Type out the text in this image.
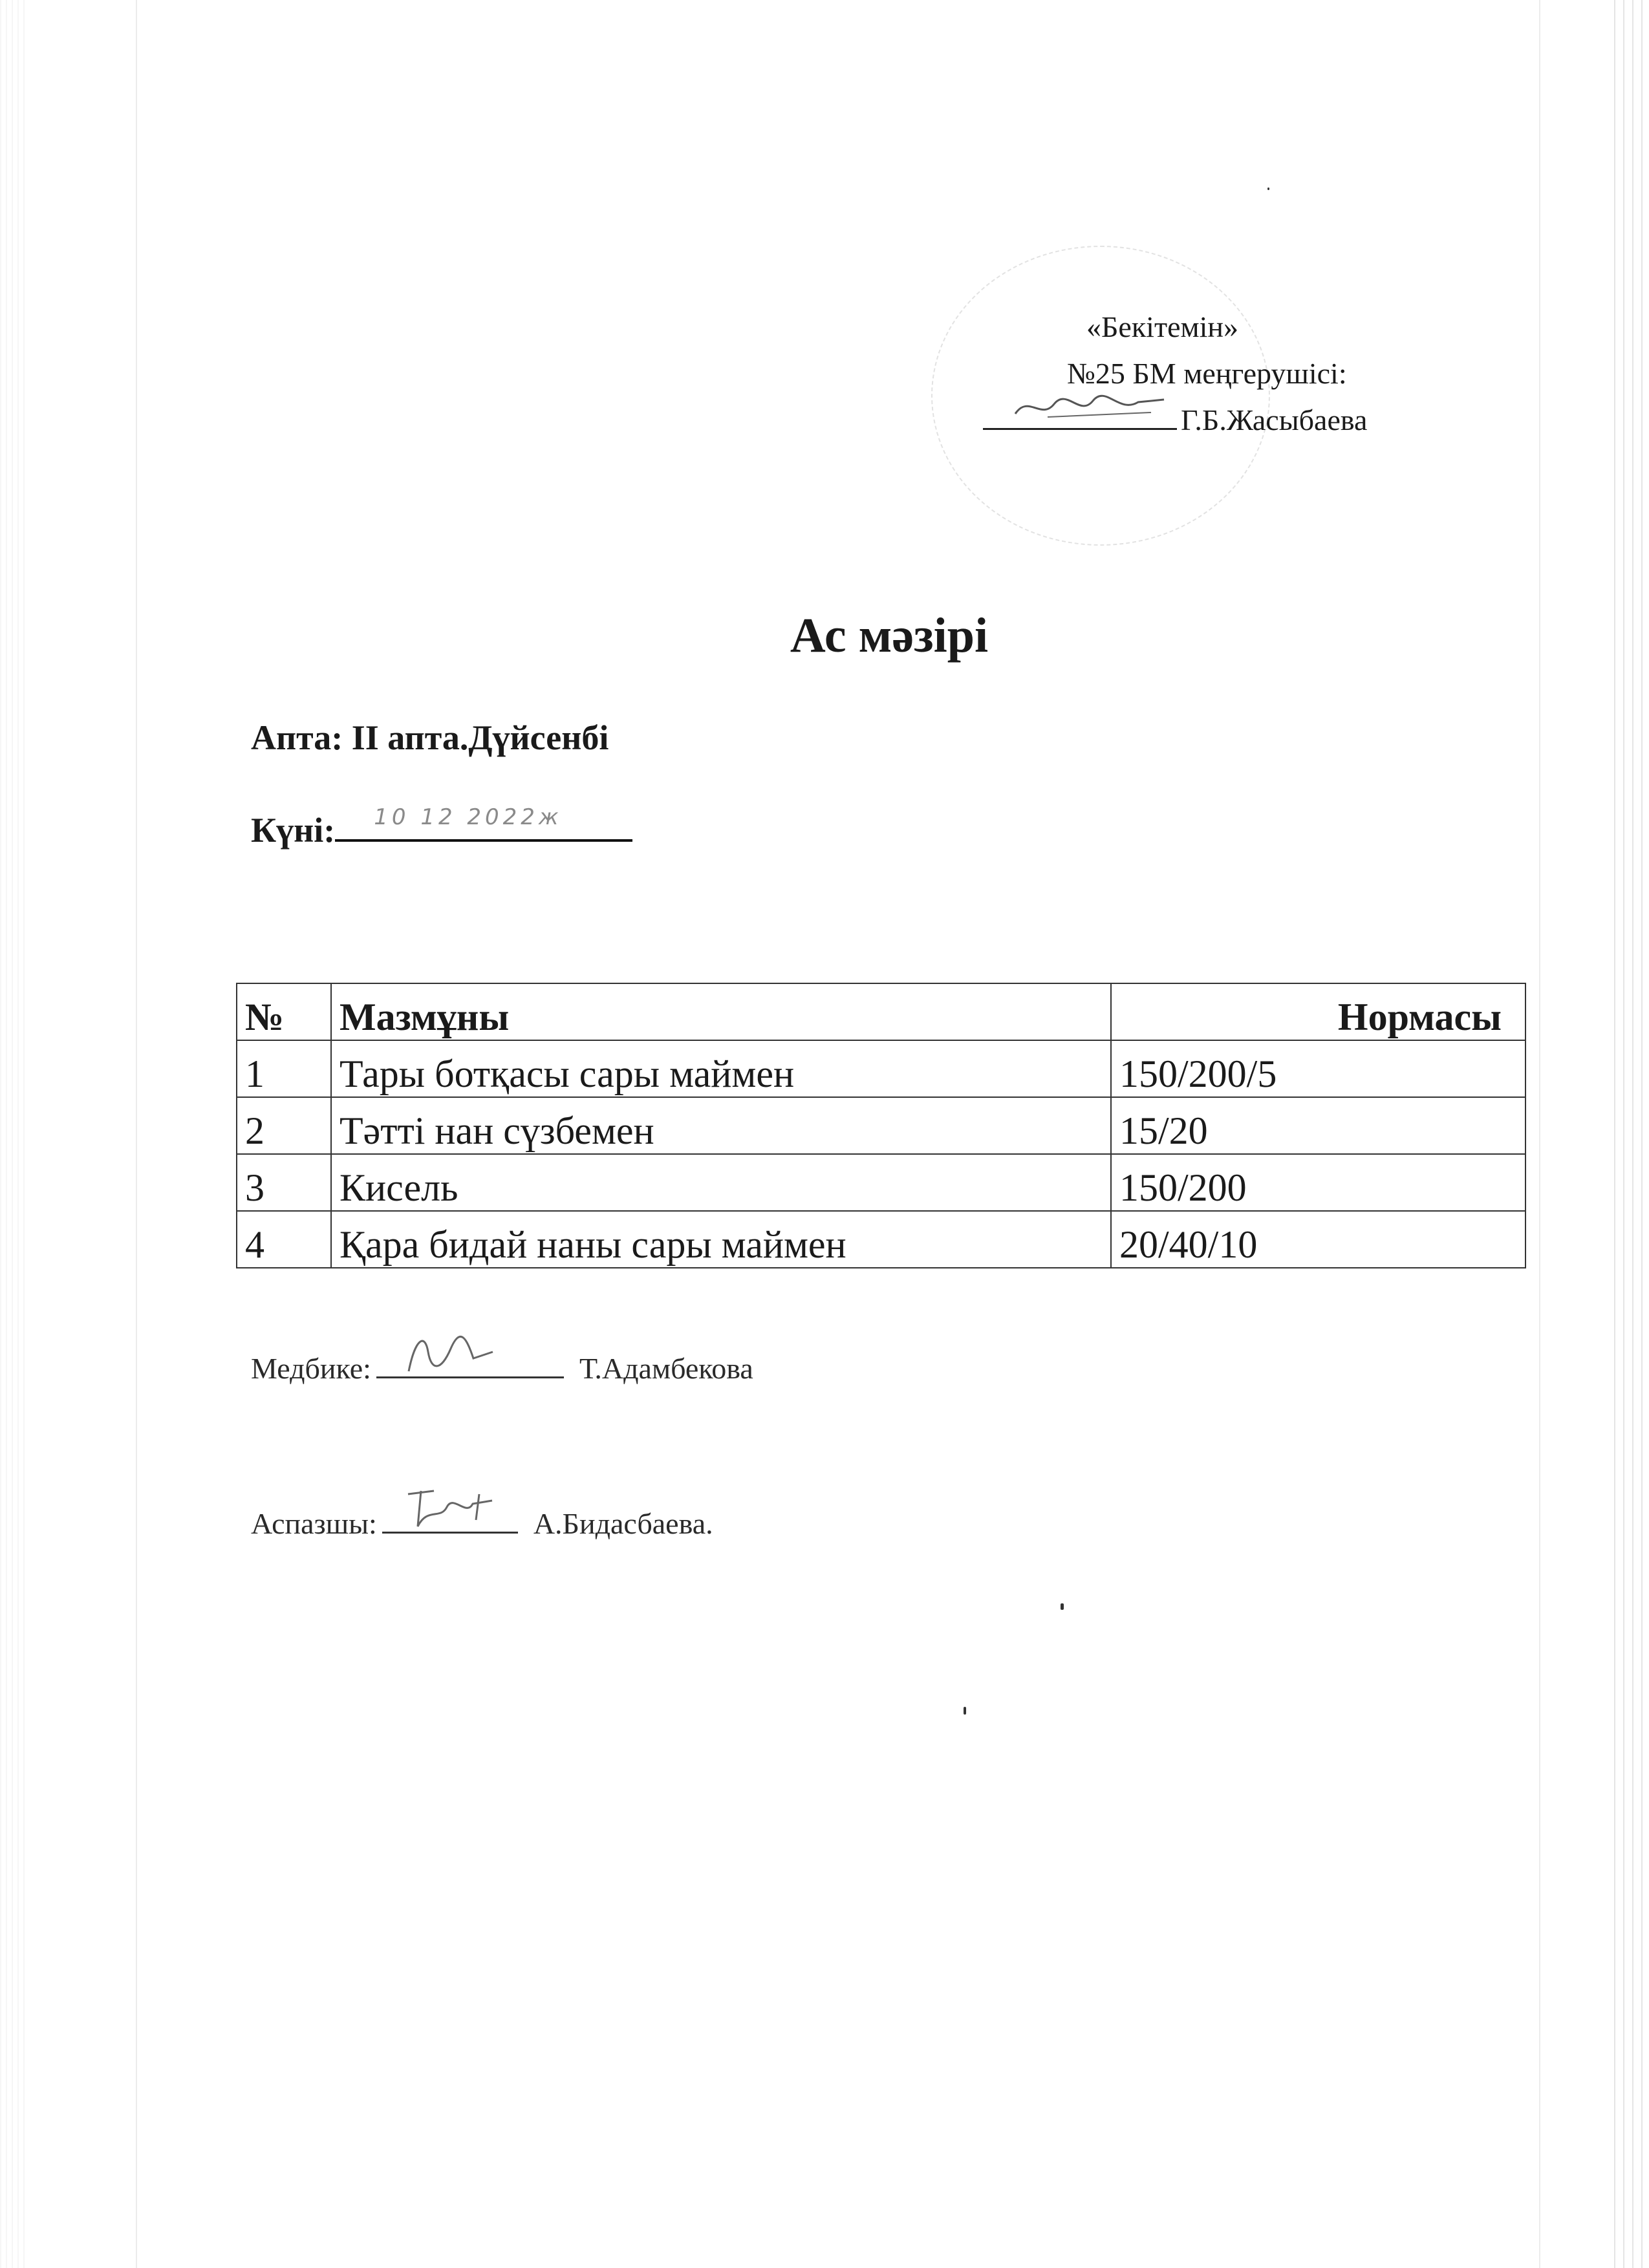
«Бекітемін»
№25 БМ меңгерушісі:
Г.Б.Жасыбаева
Ас мәзірі
Апта: ІІ апта.Дүйсенбі
Күні: 10 12 2022ж
№	Мазмұны	Нормасы
1	Тары ботқасы сары маймен	150/200/5
2	Тәтті нан сүзбемен	15/20
3	Кисель	150/200
4	Қара бидай наны сары маймен	20/40/10
Медбике:	Т.Адамбекова
Аспазшы:	А.Бидасбаева.
